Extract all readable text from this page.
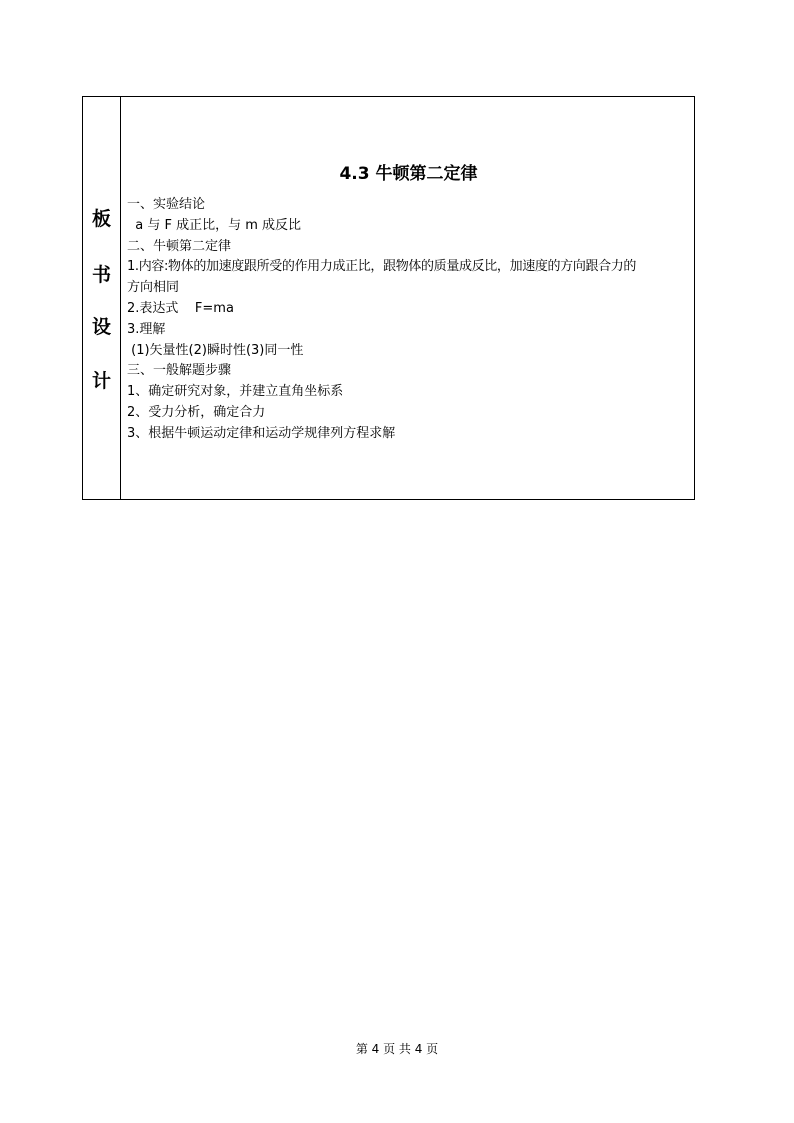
板
书
设
计
4.3 牛顿第二定律
一、实验结论
a 与 F 成正比，与 m 成反比
二、牛顿第二定律
1.内容:物体的加速度跟所受的作用力成正比，跟物体的质量成反比，加速度的方向跟合力的
方向相同
2.表达式    F=ma
3.理解
(1)矢量性(2)瞬时性(3)同一性
三、一般解题步骤
1、确定研究对象，并建立直角坐标系
2、受力分析，确定合力
3、根据牛顿运动定律和运动学规律列方程求解
第 4 页 共 4 页
